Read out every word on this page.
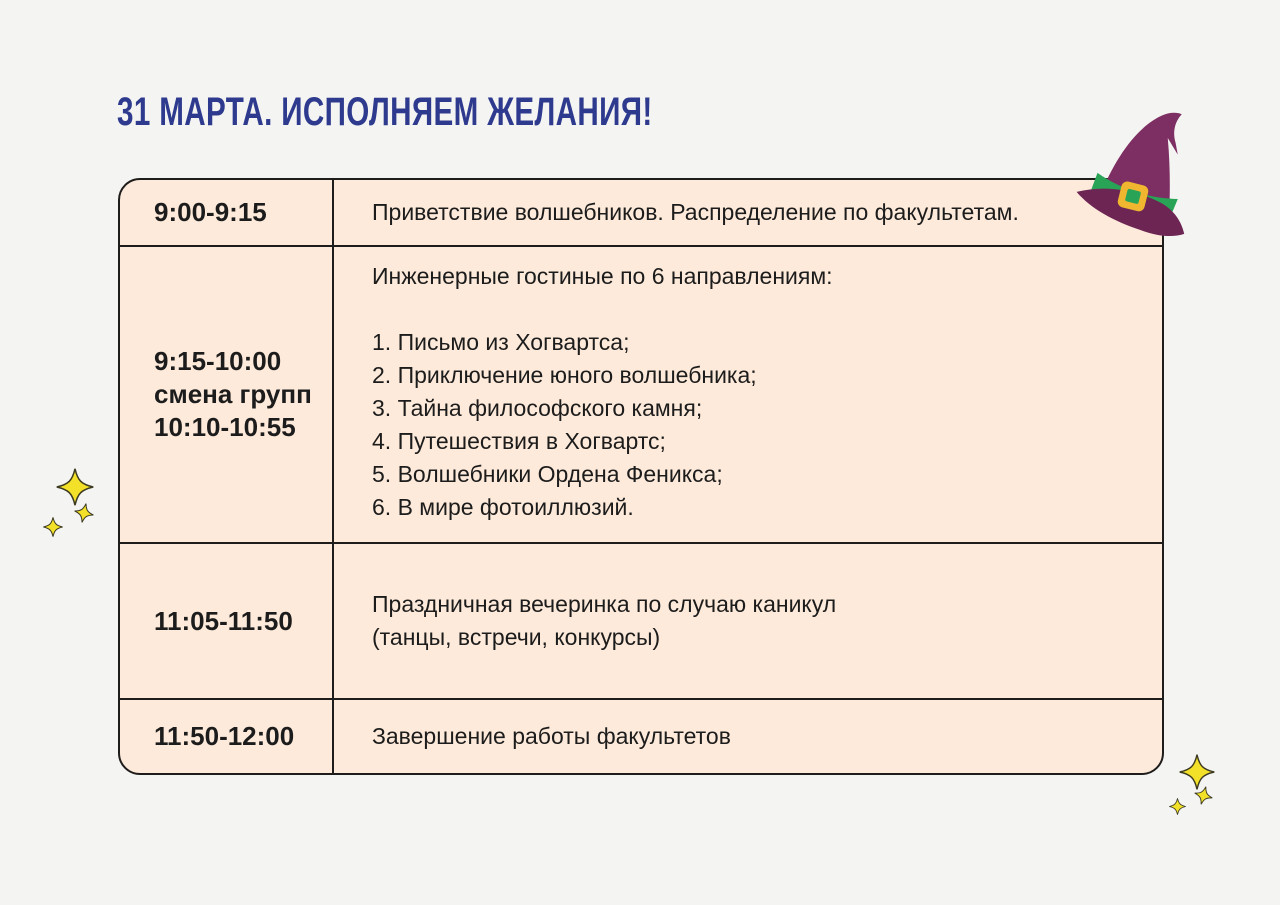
31 МАРТА. ИСПОЛНЯЕМ ЖЕЛАНИЯ!
9:00-9:15	Приветствие волшебников. Распределение по факультетам.
9:15-10:00
смена групп
10:10-10:55
Инженерные гостиные по 6 направлениям:
1. Письмо из Хогвартса;
2. Приключение юного волшебника;
3. Тайна философского камня;
4. Путешествия в Хогвартс;
5. Волшебники Ордена Феникса;
6. В мире фотоиллюзий.
11:05-11:50
Праздничная вечеринка по случаю каникул
(танцы, встречи, конкурсы)
11:50-12:00	Завершение работы факультетов
